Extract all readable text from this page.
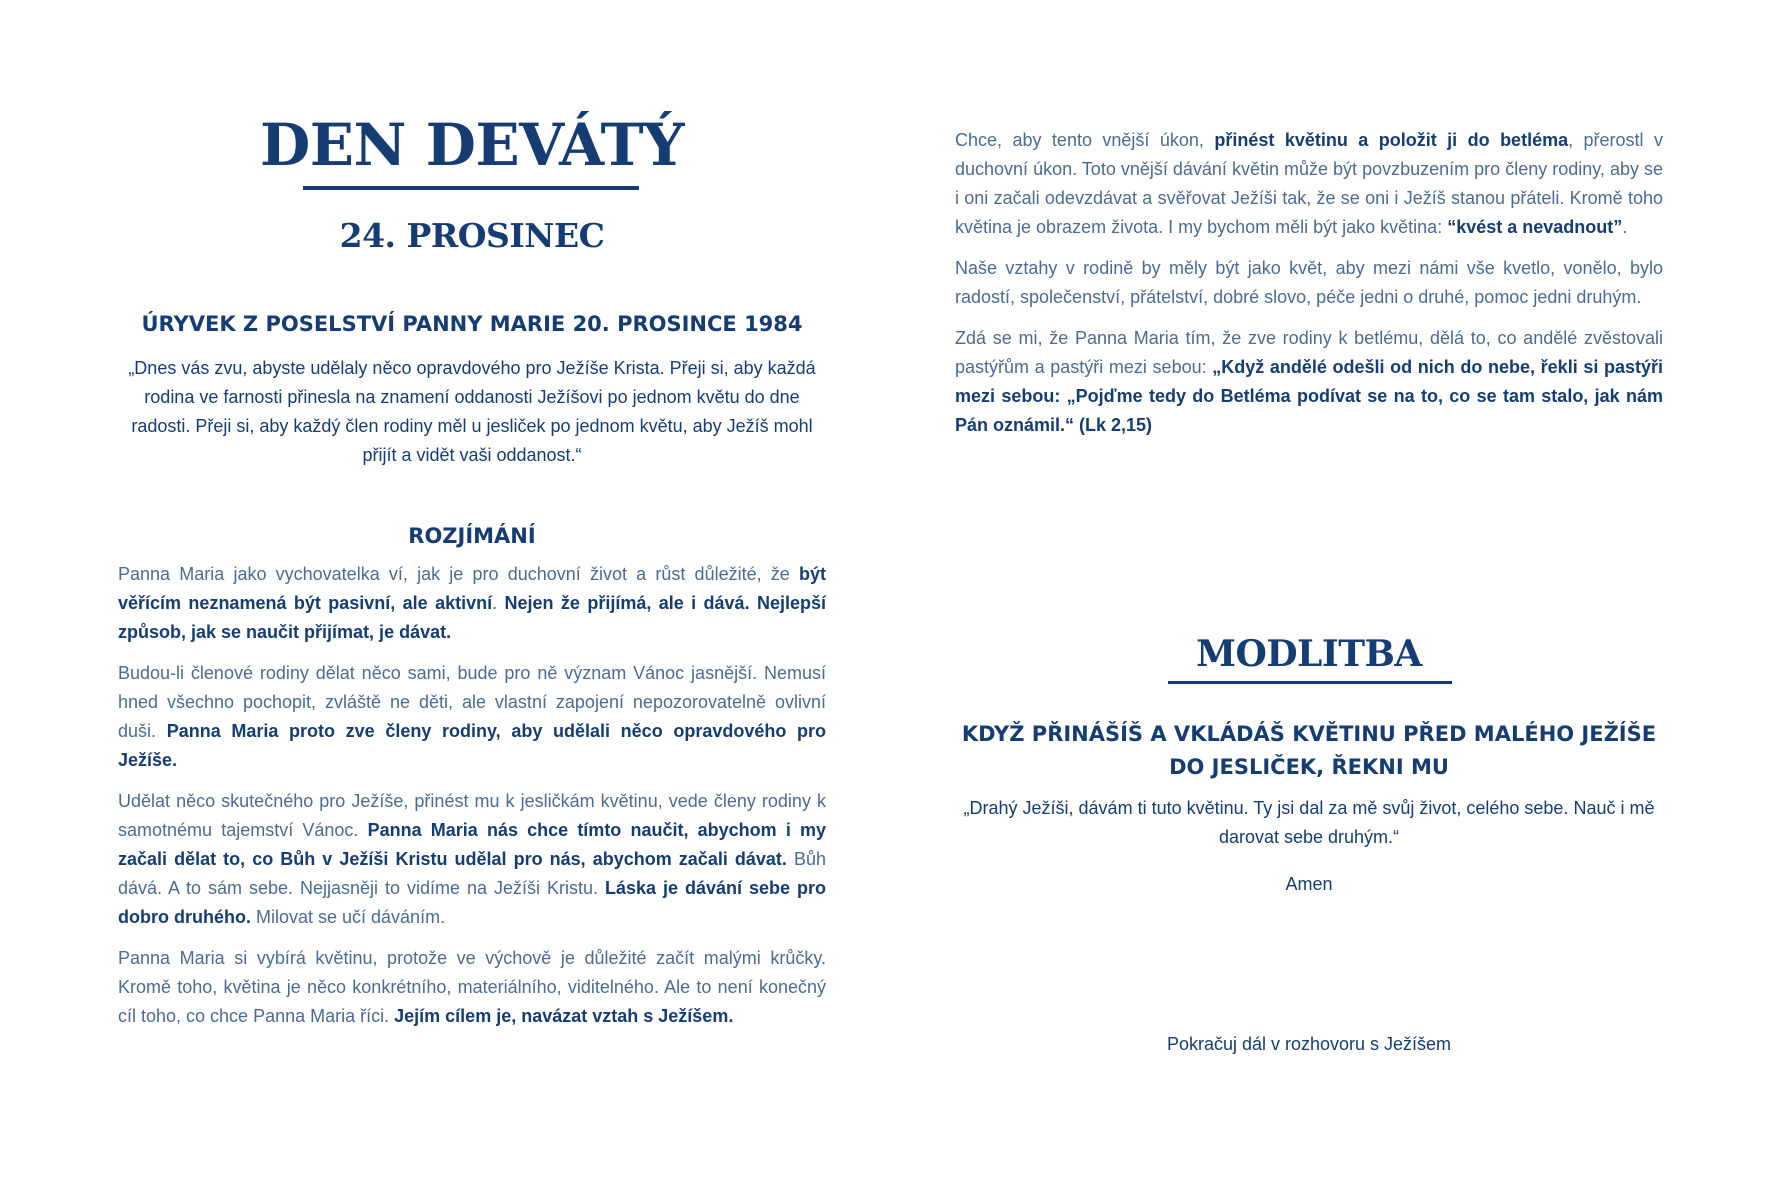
DEN DEVÁTÝ
24. PROSINEC
ÚRYVEK Z POSELSTVÍ PANNY MARIE 20. PROSINCE 1984
„Dnes vás zvu, abyste udělaly něco opravdového pro Ježíše Krista. Přeji si, aby každá rodina ve farnosti přinesla na znamení oddanosti Ježíšovi po jednom květu do dne radosti. Přeji si, aby každý člen rodiny měl u jesliček po jednom květu, aby Ježíš mohl přijít a vidět vaši oddanost.“
ROZJÍMÁNÍ

Panna Maria jako vychovatelka ví, jak je pro duchovní život a růst důležité, že být věřícím neznamená být pasivní, ale aktivní. Nejen že přijímá, ale i dává. Nejlepší způsob, jak se naučit přijímat, je dávat.

Budou-li členové rodiny dělat něco sami, bude pro ně význam Vánoc jasnější. Nemusí hned všechno pochopit, zvláště ne děti, ale vlastní zapojení nepozorovatelně ovlivní duši. Panna Maria proto zve členy rodiny, aby udělali něco opravdového pro Ježíše.

Udělat něco skutečného pro Ježíše, přinést mu k jesličkám květinu, vede členy rodiny k samotnému tajemství Vánoc. Panna Maria nás chce tímto naučit, abychom i my začali dělat to, co Bůh v Ježíši Kristu udělal pro nás, abychom začali dávat. Bůh dává. A to sám sebe. Nejjasněji to vidíme na Ježíši Kristu. Láska je dávání sebe pro dobro druhého. Milovat se učí dáváním.

Panna Maria si vybírá květinu, protože ve výchově je důležité začít malými krůčky. Kromě toho, květina je něco konkrétního, materiálního, viditelného. Ale to není konečný cíl toho, co chce Panna Maria říci. Jejím cílem je, navázat vztah s Ježíšem.

Chce, aby tento vnější úkon, přinést květinu a položit ji do betléma, přerostl v duchovní úkon. Toto vnější dávání květin může být povzbuzením pro členy rodiny, aby se i oni začali odevzdávat a svěřovat Ježíši tak, že se oni i Ježíš stanou přáteli. Kromě toho květina je obrazem života. I my bychom měli být jako květina: “kvést a nevadnout”.

Naše vztahy v rodině by měly být jako květ, aby mezi námi vše kvetlo, vonělo, bylo radostí, společenství, přátelství, dobré slovo, péče jedni o druhé, pomoc jedni druhým.

Zdá se mi, že Panna Maria tím, že zve rodiny k betlému, dělá to, co andělé zvěstovali pastýřům a pastýři mezi sebou: „Když andělé odešli od nich do nebe, řekli si pastýři mezi sebou: „Pojďme tedy do Betléma podívat se na to, co se tam stalo, jak nám Pán oznámil.“ (Lk 2,15)

MODLITBA
KDYŽ PŘINÁŠÍŠ A VKLÁDÁŠ KVĚTINU PŘED MALÉHO JEŽÍŠE
DO JESLIČEK, ŘEKNI MU
„Drahý Ježíši, dávám ti tuto květinu. Ty jsi dal za mě svůj život, celého sebe. Nauč i mě darovat sebe druhým.“
Amen
Pokračuj dál v rozhovoru s Ježíšem
